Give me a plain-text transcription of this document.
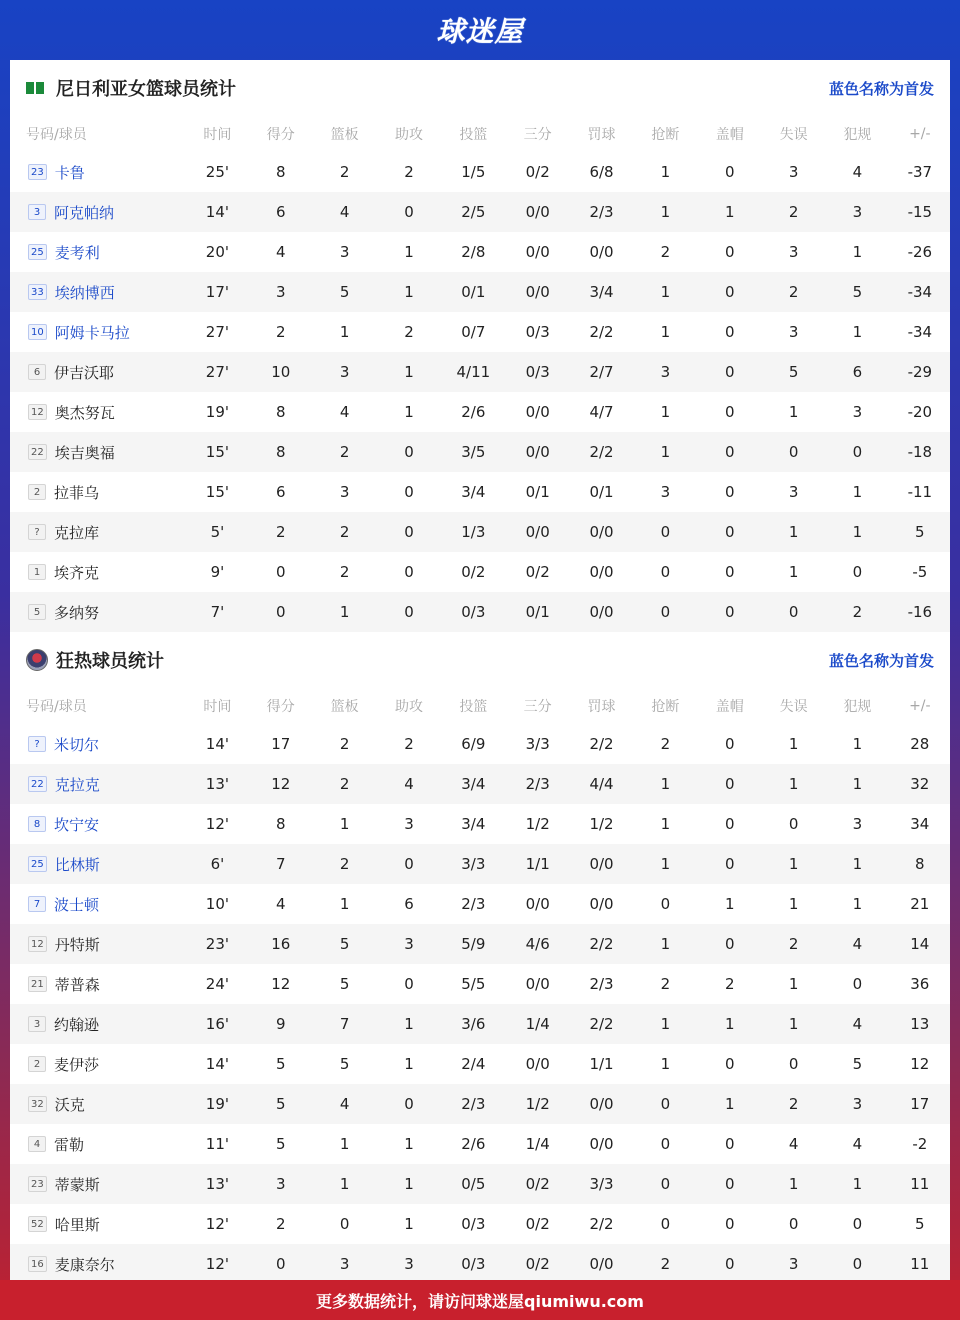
球迷屋
尼日利亚女篮球员统计	蓝色名称为首发
号码/球员	时间	得分	篮板	助攻	投篮	三分	罚球	抢断	盖帽	失误	犯规	+/-
23 卡鲁	25'	8	2	2	1/5	0/2	6/8	1	0	3	4	-37
3 阿克帕纳	14'	6	4	0	2/5	0/0	2/3	1	1	2	3	-15
25 麦考利	20'	4	3	1	2/8	0/0	0/0	2	0	3	1	-26
33 埃纳博西	17'	3	5	1	0/1	0/0	3/4	1	0	2	5	-34
10 阿姆卡马拉	27'	2	1	2	0/7	0/3	2/2	1	0	3	1	-34
6 伊吉沃耶	27'	10	3	1	4/11	0/3	2/7	3	0	5	6	-29
12 奥杰努瓦	19'	8	4	1	2/6	0/0	4/7	1	0	1	3	-20
22 埃吉奥福	15'	8	2	0	3/5	0/0	2/2	1	0	0	0	-18
2 拉菲乌	15'	6	3	0	3/4	0/1	0/1	3	0	3	1	-11
? 克拉库	5'	2	2	0	1/3	0/0	0/0	0	0	1	1	5
1 埃齐克	9'	0	2	0	0/2	0/2	0/0	0	0	1	0	-5
5 多纳努	7'	0	1	0	0/3	0/1	0/0	0	0	0	2	-16
狂热球员统计	蓝色名称为首发
号码/球员	时间	得分	篮板	助攻	投篮	三分	罚球	抢断	盖帽	失误	犯规	+/-
? 米切尔	14'	17	2	2	6/9	3/3	2/2	2	0	1	1	28
22 克拉克	13'	12	2	4	3/4	2/3	4/4	1	0	1	1	32
8 坎宁安	12'	8	1	3	3/4	1/2	1/2	1	0	0	3	34
25 比林斯	6'	7	2	0	3/3	1/1	0/0	1	0	1	1	8
7 波士顿	10'	4	1	6	2/3	0/0	0/0	0	1	1	1	21
12 丹特斯	23'	16	5	3	5/9	4/6	2/2	1	0	2	4	14
21 蒂普森	24'	12	5	0	5/5	0/0	2/3	2	2	1	0	36
3 约翰逊	16'	9	7	1	3/6	1/4	2/2	1	1	1	4	13
2 麦伊莎	14'	5	5	1	2/4	0/0	1/1	1	0	0	5	12
32 沃克	19'	5	4	0	2/3	1/2	0/0	0	1	2	3	17
4 雷勒	11'	5	1	1	2/6	1/4	0/0	0	0	4	4	-2
23 蒂蒙斯	13'	3	1	1	0/5	0/2	3/3	0	0	1	1	11
52 哈里斯	12'	2	0	1	0/3	0/2	2/2	0	0	0	0	5
16 麦康奈尔	12'	0	3	3	0/3	0/2	0/0	2	0	3	0	11
更多数据统计，请访问球迷屋qiumiwu.com
